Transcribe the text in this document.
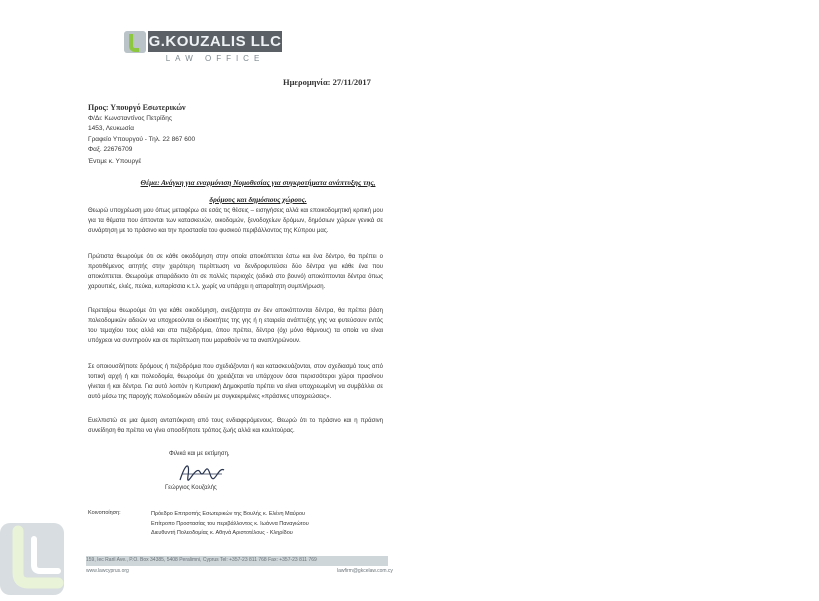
G.KOUZALIS LLC
LAW OFFICE
Ημερομηνία: 27/11/2017
Προς: Υπουργό Εσωτερικών
Φ/Δι: Κωνσταντίνος Πετρίδης
1453, Λευκωσία
Γραφείο Υπουργού - Τηλ. 22 867 600
Φαξ. 22676709
Έντιμε κ. Υπουργέ
Θέμα: Ανάγκη για εναρμόνιση Νομοθεσίας για συγκροτήματα ανάπτυξης της,
δρόμους και δημόσιους χώρους.

Θεωρώ υποχρέωση μου όπως μεταφέρω σε εσάς τις θέσεις – εισηγήσεις αλλά και εποικοδομητική κριτική μου για τα θέματα που άπτονται των κατασκευών, οικοδομών, ξενοδοχείων δρόμων, δημόσιων χώρων γενικά σε συνάρτηση με το πράσινο και την προστασία του φυσικού περιβάλλοντος της Κύπρου μας.

Πρώτιστα θεωρούμε ότι σε κάθε οικοδόμηση στην οποία αποκόπτεται έστω και ένα δέντρο, θα πρέπει ο προτιθέμενος αιτητής στην χειρότερη περίπτωση να δενδροφυτεύσει δύο δέντρα για κάθε ένα που αποκόπτεται. Θεωρούμε απαράδεκτο ότι σε πολλές περιοχές (ειδικά στο βουνό) αποκόπτονται δέντρα όπως χαρουπιές, ελιές, πεύκα, κυπαρίσσια κ.τ.λ. χωρίς να υπάρχει η απαραίτητη συμπλήρωση.

Περεταίρω θεωρούμε ότι για κάθε οικοδόμηση, ανεξάρτητα αν δεν αποκόπτονται δέντρα, θα πρέπει βάση πολεοδομικών αδειών να υποχρεούνται οι ιδιοκτήτες της γης ή η εταιρεία ανάπτυξης γης να φυτεύσουν εντός του τεμαχίου τους αλλά και στα πεζοδρόμια, όπου πρέπει, δέντρα (όχι μόνο θάμνους) τα οποία να είναι υπόχρεοι να συντηρούν και σε περίπτωση που μαραθούν να τα αναπληρώνουν.

Σε οποιουσδήποτε δρόμους ή πεζοδρόμια που σχεδιάζονται ή και κατασκευάζονται, στον σχεδιασμό τους από τοπική αρχή ή και πολεοδομία, θεωρούμε ότι χρειάζεται να υπάρχουν όσοι περισσότεροι χώροι πρασίνου γίνεται ή και δέντρα. Για αυτό λοιπόν η Κυπριακή Δημοκρατία πρέπει να είναι υποχρεωμένη να συμβάλλει σε αυτό μέσω της παροχής πολεοδομικών αδειών με συγκεκριμένες «πράσινες υποχρεώσεις».

Ευελπιστώ σε μια άμεση ανταπόκριση από τους ενδιαφερόμενους. Θεωρώ ότι το πράσινο και η πράσινη συνείδηση θα πρέπει να γίνει οποσδήποτε τρόπος ζωής αλλά και κουλτούρας.

Φιλικά και με εκτίμηση,
Γεώργιος Κουζαλής
Κοινοποίηση:	Πρόεδρο Επιτροπής Εσωτερικών της Βουλής κ. Ελένη Μαύρου
Επίτροπο Προστασίας του περιβάλλοντος κ. Ιωάννα Παναγιώτου
Διευθυντή Πολεοδομίας κ. Αθηνά Αριστοτέλους - Κληρίδου
159, Iec Raril Ave., P.O. Box 34385, 5408 Peralimni, Cyprus Tel: +357-23 811 768 Fax: +357-23 811 769
www.lawcyprus.org	lawfirm@gkcelaw.com.cy
